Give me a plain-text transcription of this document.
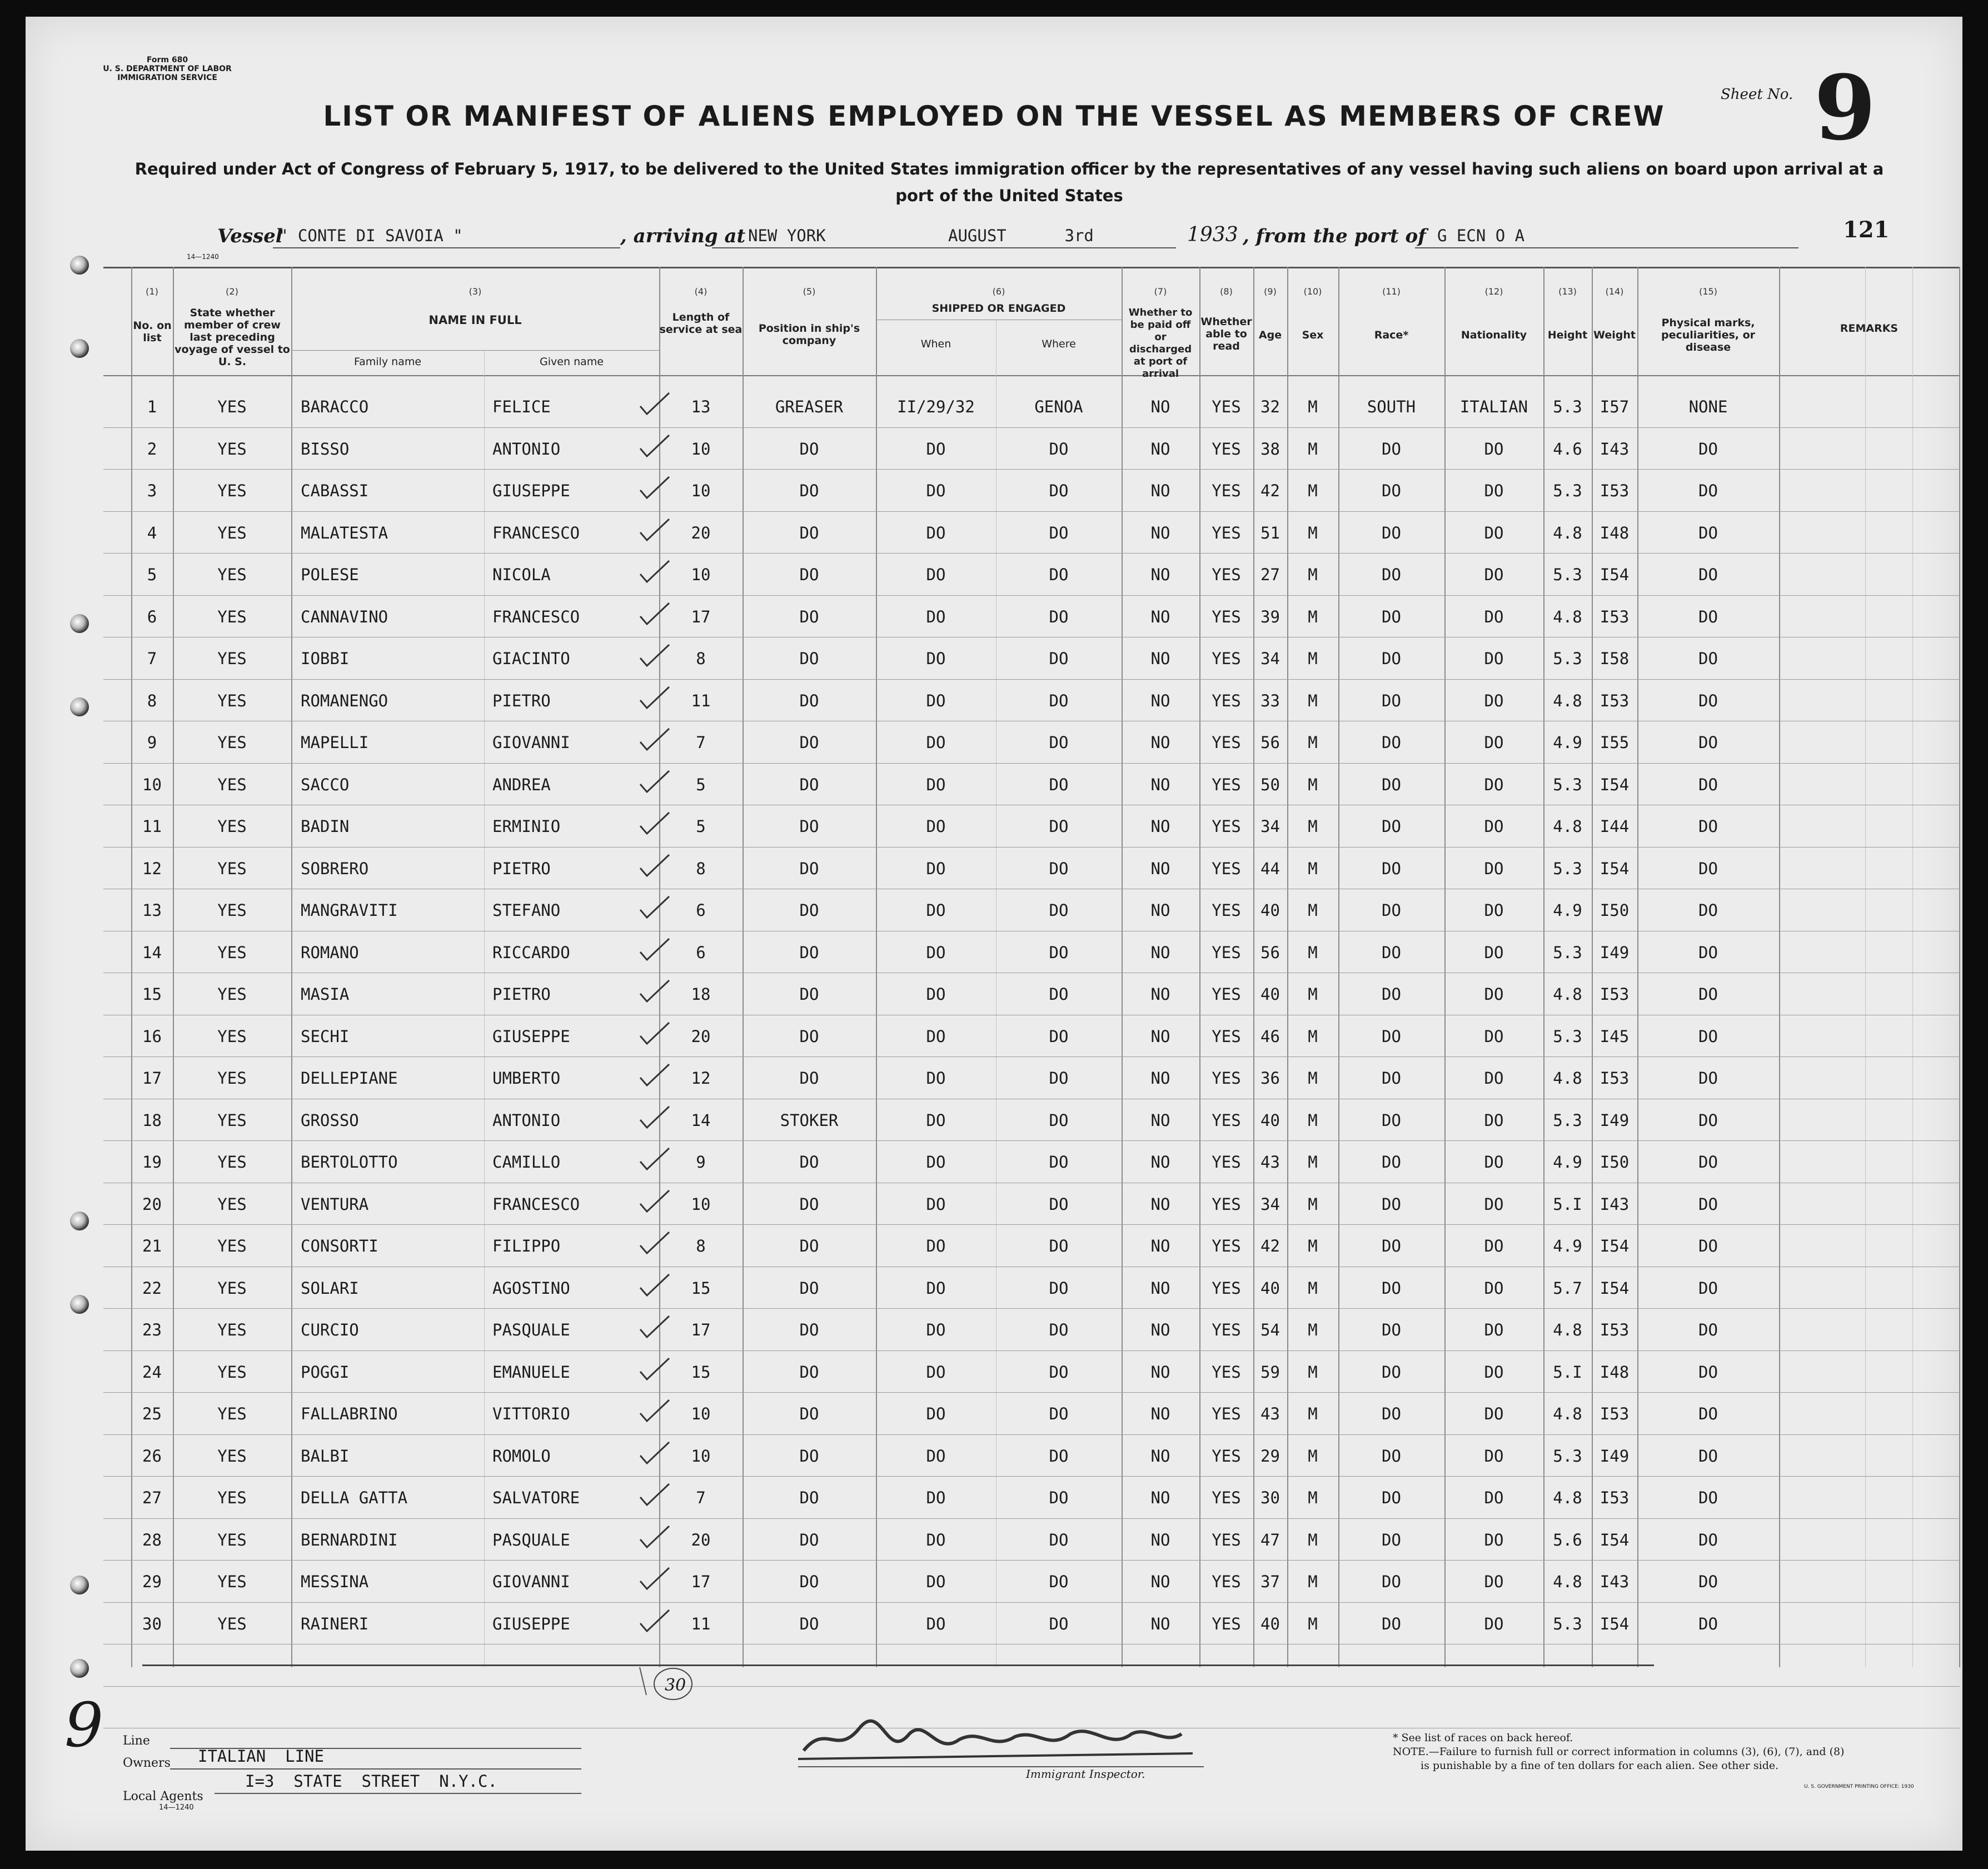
Form 680
U. S. DEPARTMENT OF LABOR
IMMIGRATION SERVICE
14—1240
LIST OR MANIFEST OF ALIENS EMPLOYED ON THE VESSEL AS MEMBERS OF CREW
Required under Act of Congress of February 5, 1917, to be delivered to the United States immigration officer by the representatives of any vessel having such aliens on board upon arrival at a
port of the United States
Sheet No. 9
121
Vessel
" CONTE DI SAVOIA "	, arriving at NEW YORK	AUGUST      3rd	1933 , from the port of G ECN O A
(1)	(2)	(3)	(4)	(5)	(6)	(7)	(8)	(9)	(10)	(11)	(12)	(13)	(14)	(15)
No. on list
State whether member of crew last preceding voyage of vessel to U. S.
NAME IN FULL
Family name	Given name
Length of service at sea	Position in ship's company
SHIPPED OR ENGAGED
When	Where
Whether to be paid off or discharged at port of arrival
Whether able to read
Age	Sex	Race*	Nationality	Height Weight
Physical marks, peculiarities, or disease
REMARKS
1	YES	BARACCO	FELICE	13	GREASER	II/29/32	GENOA	NO	YES	32	M	SOUTH	ITALIAN	5.3	I57	NONE
2	YES	BISSO	ANTONIO	10	DO	DO	DO	NO	YES	38	M	DO	DO	4.6	I43	DO
3	YES	CABASSI	GIUSEPPE	10	DO	DO	DO	NO	YES	42	M	DO	DO	5.3	I53	DO
4	YES	MALATESTA	FRANCESCO	20	DO	DO	DO	NO	YES	51	M	DO	DO	4.8	I48	DO
5	YES	POLESE	NICOLA	10	DO	DO	DO	NO	YES	27	M	DO	DO	5.3	I54	DO
6	YES	CANNAVINO	FRANCESCO	17	DO	DO	DO	NO	YES	39	M	DO	DO	4.8	I53	DO
7	YES	IOBBI	GIACINTO	8	DO	DO	DO	NO	YES	34	M	DO	DO	5.3	I58	DO
8	YES	ROMANENGO	PIETRO	11	DO	DO	DO	NO	YES	33	M	DO	DO	4.8	I53	DO
9	YES	MAPELLI	GIOVANNI	7	DO	DO	DO	NO	YES	56	M	DO	DO	4.9	I55	DO
10	YES	SACCO	ANDREA	5	DO	DO	DO	NO	YES	50	M	DO	DO	5.3	I54	DO
11	YES	BADIN	ERMINIO	5	DO	DO	DO	NO	YES	34	M	DO	DO	4.8	I44	DO
12	YES	SOBRERO	PIETRO	8	DO	DO	DO	NO	YES	44	M	DO	DO	5.3	I54	DO
13	YES	MANGRAVITI	STEFANO	6	DO	DO	DO	NO	YES	40	M	DO	DO	4.9	I50	DO
14	YES	ROMANO	RICCARDO	6	DO	DO	DO	NO	YES	56	M	DO	DO	5.3	I49	DO
15	YES	MASIA	PIETRO	18	DO	DO	DO	NO	YES	40	M	DO	DO	4.8	I53	DO
16	YES	SECHI	GIUSEPPE	20	DO	DO	DO	NO	YES	46	M	DO	DO	5.3	I45	DO
17	YES	DELLEPIANE	UMBERTO	12	DO	DO	DO	NO	YES	36	M	DO	DO	4.8	I53	DO
18	YES	GROSSO	ANTONIO	14	STOKER	DO	DO	NO	YES	40	M	DO	DO	5.3	I49	DO
19	YES	BERTOLOTTO	CAMILLO	9	DO	DO	DO	NO	YES	43	M	DO	DO	4.9	I50	DO
20	YES	VENTURA	FRANCESCO	10	DO	DO	DO	NO	YES	34	M	DO	DO	5.I	I43	DO
21	YES	CONSORTI	FILIPPO	8	DO	DO	DO	NO	YES	42	M	DO	DO	4.9	I54	DO
22	YES	SOLARI	AGOSTINO	15	DO	DO	DO	NO	YES	40	M	DO	DO	5.7	I54	DO
23	YES	CURCIO	PASQUALE	17	DO	DO	DO	NO	YES	54	M	DO	DO	4.8	I53	DO
24	YES	POGGI	EMANUELE	15	DO	DO	DO	NO	YES	59	M	DO	DO	5.I	I48	DO
25	YES	FALLABRINO	VITTORIO	10	DO	DO	DO	NO	YES	43	M	DO	DO	4.8	I53	DO
26	YES	BALBI	ROMOLO	10	DO	DO	DO	NO	YES	29	M	DO	DO	5.3	I49	DO
27	YES	DELLA GATTA	SALVATORE	7	DO	DO	DO	NO	YES	30	M	DO	DO	4.8	I53	DO
28	YES	BERNARDINI	PASQUALE	20	DO	DO	DO	NO	YES	47	M	DO	DO	5.6	I54	DO
29	YES	MESSINA	GIOVANNI	17	DO	DO	DO	NO	YES	37	M	DO	DO	4.8	I43	DO
30	YES	RAINERI	GIUSEPPE	11	DO	DO	DO	NO	YES	40	M	DO	DO	5.3	I54	DO
9 Line
Owners ITALIAN  LINE
Local Agents
I=3  STATE  STREET  N.Y.C.
14—1240
30
Immigrant Inspector.
* See list of races on back hereof.
NOTE.—Failure to furnish full or correct information in columns (3), (6), (7), and (8)
is punishable by a fine of ten dollars for each alien. See other side.
U. S. GOVERNMENT PRINTING OFFICE: 1930
